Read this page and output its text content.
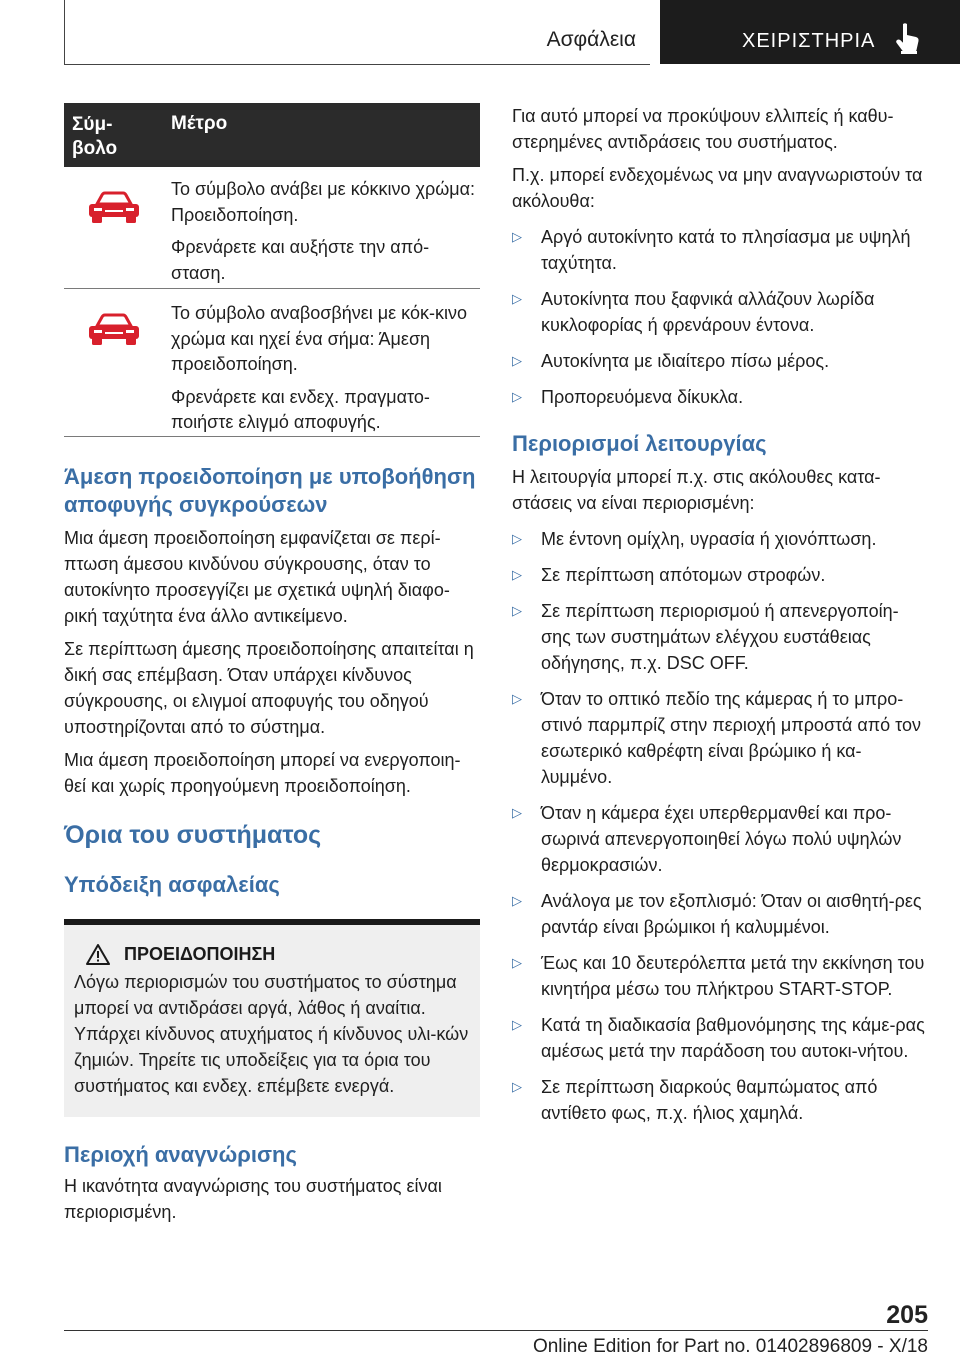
Ασφάλεια	ΧΕΙΡΙΣΤΗΡΙΑ
Σύμ-
βολο
Μέτρο

Το σύμβολο ανάβει με κόκκινο χρώμα: Προειδοποίηση.

Φρενάρετε και αυξήστε την από-σταση.

Το σύμβολο αναβοσβήνει με κόκ-κινο χρώμα και ηχεί ένα σήμα: Άμεση προειδοποίηση.

Φρενάρετε και ενδεχ. πραγματο-ποιήστε ελιγμό αποφυγής.

Άμεση προειδοποίηση με υποβοήθηση αποφυγής συγκρούσεων

Μια άμεση προειδοποίηση εμφανίζεται σε περί-πτωση άμεσου κινδύνου σύγκρουσης, όταν το αυτοκίνητο προσεγγίζει με σχετικά υψηλή διαφο-ρική ταχύτητα ένα άλλο αντικείμενο.

Σε περίπτωση άμεσης προειδοποίησης απαιτείται η δική σας επέμβαση. Όταν υπάρχει κίνδυνος σύγκρουσης, οι ελιγμοί αποφυγής του οδηγού υποστηρίζονται από το σύστημα.

Μια άμεση προειδοποίηση μπορεί να ενεργοποιη-θεί και χωρίς προηγούμενη προειδοποίηση.

Όρια του συστήματος
Υπόδειξη ασφαλείας
ΠΡΟΕΙΔΟΠΟΙΗΣΗ

Λόγω περιορισμών του συστήματος το σύστημα μπορεί να αντιδράσει αργά, λάθος ή αναίτια. Υπάρχει κίνδυνος ατυχήματος ή κίνδυνος υλι-κών ζημιών. Τηρείτε τις υποδείξεις για τα όρια του συστήματος και ενδεχ. επέμβετε ενεργά.

Περιοχή αναγνώρισης

Η ικανότητα αναγνώρισης του συστήματος είναι περιορισμένη.

Για αυτό μπορεί να προκύψουν ελλιπείς ή καθυ-στερημένες αντιδράσεις του συστήματος.

Π.χ. μπορεί ενδεχομένως να μην αναγνωριστούν τα ακόλουθα:

▷ Αργό αυτοκίνητο κατά το πλησίασμα με υψηλή ταχύτητα.
▷ Αυτοκίνητα που ξαφνικά αλλάζουν λωρίδα κυκλοφορίας ή φρενάρουν έντονα.
▷ Αυτοκίνητα με ιδιαίτερο πίσω μέρος.
▷ Προπορευόμενα δίκυκλα.
Περιορισμοί λειτουργίας

Η λειτουργία μπορεί π.χ. στις ακόλουθες κατα-στάσεις να είναι περιορισμένη:

▷ Με έντονη ομίχλη, υγρασία ή χιονόπτωση.
▷ Σε περίπτωση απότομων στροφών.
▷ Σε περίπτωση περιορισμού ή απενεργοποίη-σης των συστημάτων ελέγχου ευστάθειας οδήγησης, π.χ. DSC OFF.
▷ Όταν το οπτικό πεδίο της κάμερας ή το μπρο-στινό παρμπρίζ στην περιοχή μπροστά από τον εσωτερικό καθρέφτη είναι βρώμικο ή κα-λυμμένο.
▷ Όταν η κάμερα έχει υπερθερμανθεί και προ-σωρινά απενεργοποιηθεί λόγω πολύ υψηλών θερμοκρασιών.
▷ Ανάλογα με τον εξοπλισμό: Όταν οι αισθητή-ρες ραντάρ είναι βρώμικοι ή καλυμμένοι.
▷ Έως και 10 δευτερόλεπτα μετά την εκκίνηση του κινητήρα μέσω του πλήκτρου START-STOP.
▷ Κατά τη διαδικασία βαθμονόμησης της κάμε-ρας αμέσως μετά την παράδοση του αυτοκι-νήτου.
▷ Σε περίπτωση διαρκούς θαμπώματος από αντίθετο φως, π.χ. ήλιος χαμηλά.
205
Online Edition for Part no. 01402896809 - X/18
